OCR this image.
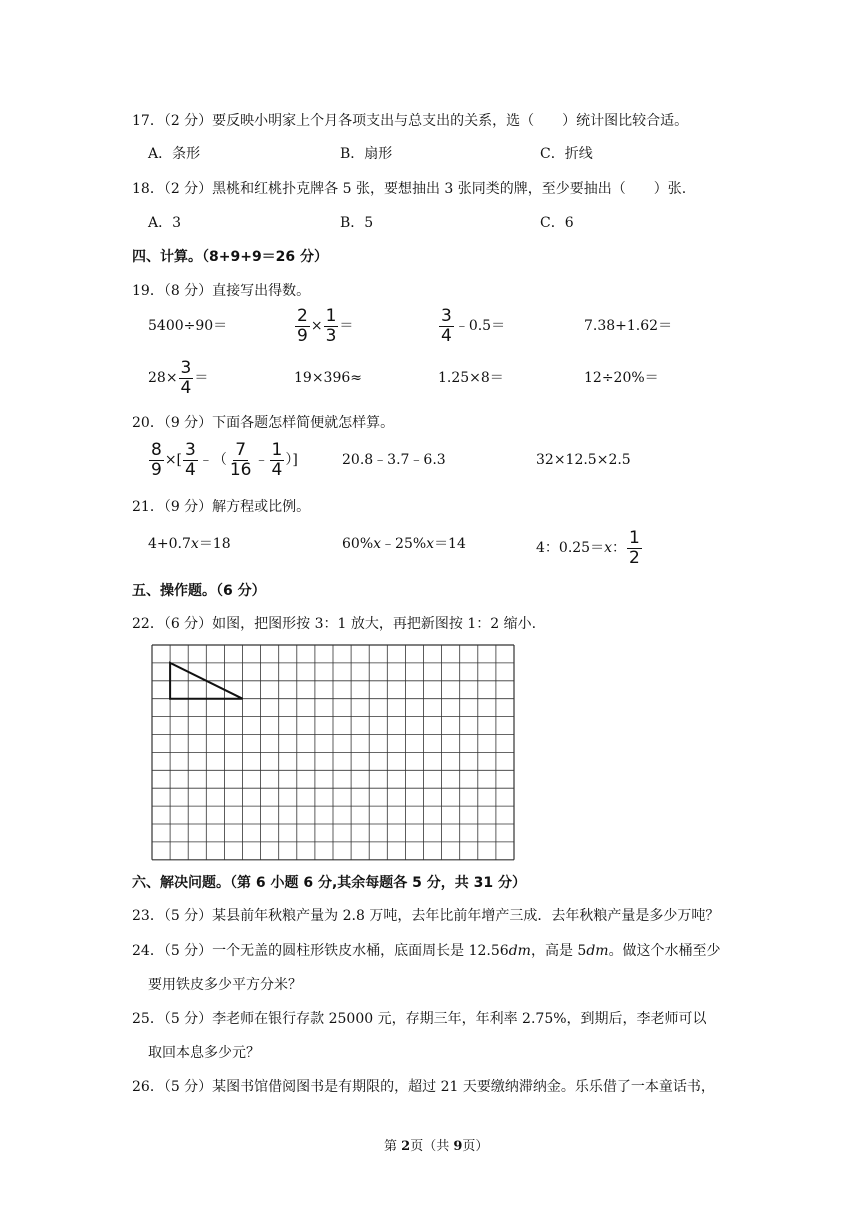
17．（2 分）要反映小明家上个月各项支出与总支出的关系，选（　　）统计图比较合适。
A．条形	B．扇形	C．折线
18．（2 分）黑桃和红桃扑克牌各 5 张，要想抽出 3 张同类的牌，至少要抽出（　　）张.
A．3	B．5	C．6
四、计算。（8+9+9＝26 分）
19．（8 分）直接写出得数。
5400÷90＝	$\frac{2}{9} \times \frac{1}{3}$ ＝	$\frac{3}{4}$ ﹣0.5＝	7.38+1.62＝
$28\times \frac{3}{4}$ ＝	19×396≈	1.25×8＝	12÷20%＝
20．（9 分）下面各题怎样简便就怎样算。
$\frac{8}{9}$ ×[ $\frac{3}{4}$ ﹣（ $\frac{7}{16}$ ﹣ $\frac{1}{4}$ ）]	20.8﹣3.7﹣6.3	32×12.5×2.5
21．（9 分）解方程或比例。
4+0.7x＝18	60%x﹣25%x＝14	4：0.25＝x： $\frac{1}{2}$
五、操作题。（6 分）
22．（6 分）如图，把图形按 3：1 放大，再把新图按 1：2 缩小.
六、解决问题。（第 6 小题 6 分,其余每题各 5 分，共 31 分）
23．（5 分）某县前年秋粮产量为 2.8 万吨，去年比前年增产三成．去年秋粮产量是多少万吨？
24．（5 分）一个无盖的圆柱形铁皮水桶，底面周长是 12.56dm，高是 5dm。做这个水桶至少
要用铁皮多少平方分米？
25．（5 分）李老师在银行存款 25000 元，存期三年，年利率 2.75%，到期后，李老师可以
取回本息多少元？
26．（5 分）某图书馆借阅图书是有期限的，超过 21 天要缴纳滞纳金。乐乐借了一本童话书，
第 2页（共 9页）
